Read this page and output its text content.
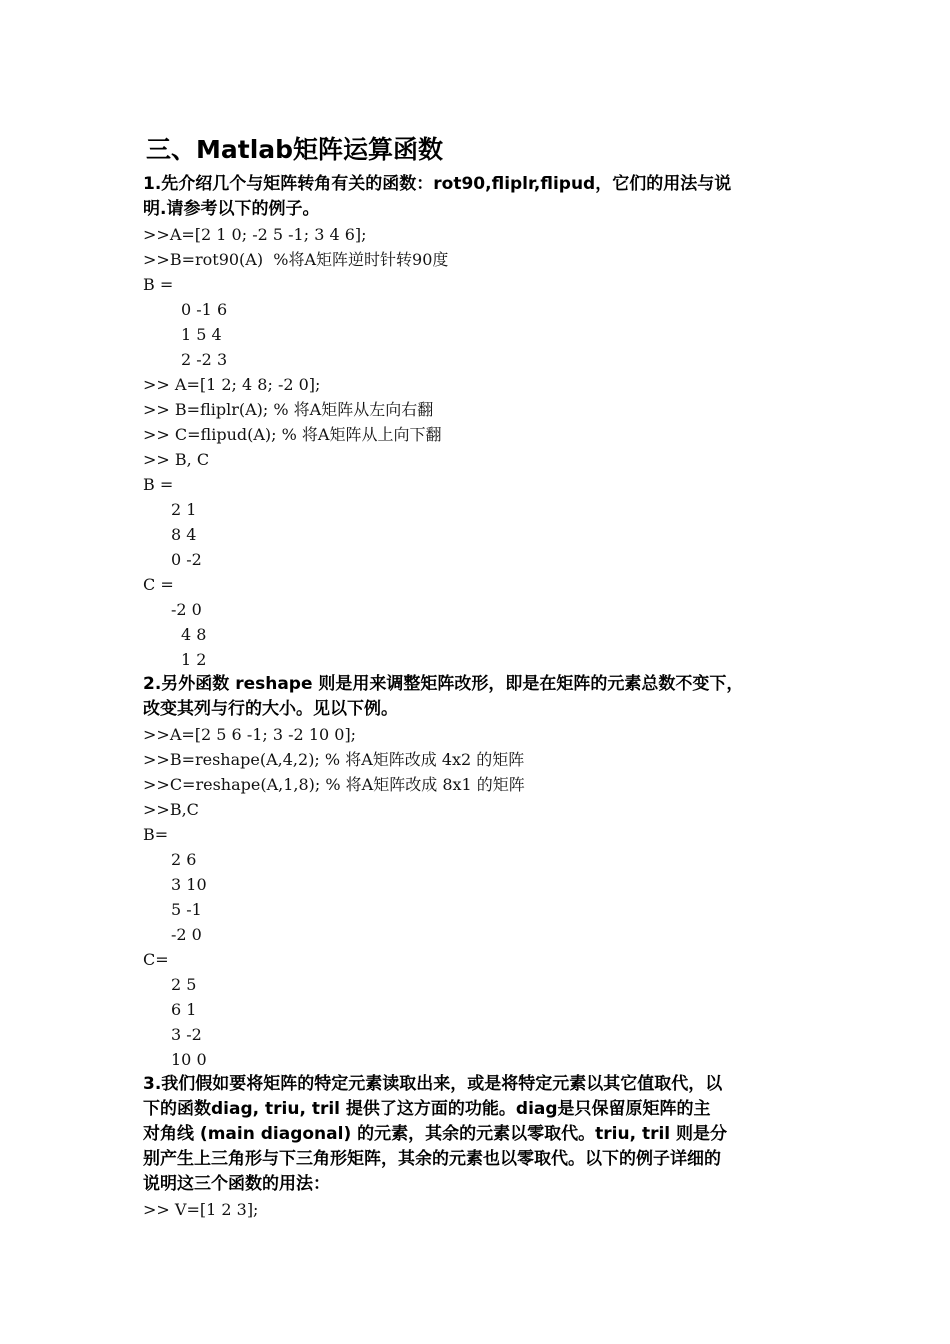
三、Matlab矩阵运算函数
1.先介绍几个与矩阵转角有关的函数：rot90,fliplr,flipud，它们的用法与说
明.请参考以下的例子。
>>A=[2 1 0; -2 5 -1; 3 4 6];
>>B=rot90(A)  %将A矩阵逆时针转90度
B =
0 -1 6
1 5 4
2 -2 3
>> A=[1 2; 4 8; -2 0];
>> B=fliplr(A); % 将A矩阵从左向右翻
>> C=flipud(A); % 将A矩阵从上向下翻
>> B, C
B =
2 1
8 4
0 -2
C =
-2 0
4 8
1 2
2.另外函数 reshape 则是用来调整矩阵改形，即是在矩阵的元素总数不变下，
改变其列与行的大小。见以下例。
>>A=[2 5 6 -1; 3 -2 10 0];
>>B=reshape(A,4,2); % 将A矩阵改成 4x2 的矩阵
>>C=reshape(A,1,8); % 将A矩阵改成 8x1 的矩阵
>>B,C
B=
2 6
3 10
5 -1
-2 0
C=
2 5
6 1
3 -2
10 0
3.我们假如要将矩阵的特定元素读取出来，或是将特定元素以其它值取代，以
下的函数diag, triu, tril 提供了这方面的功能。diag是只保留原矩阵的主
对角线 (main diagonal) 的元素，其余的元素以零取代。triu, tril 则是分
别产生上三角形与下三角形矩阵，其余的元素也以零取代。以下的例子详细的
说明这三个函数的用法：
>> V=[1 2 3];
